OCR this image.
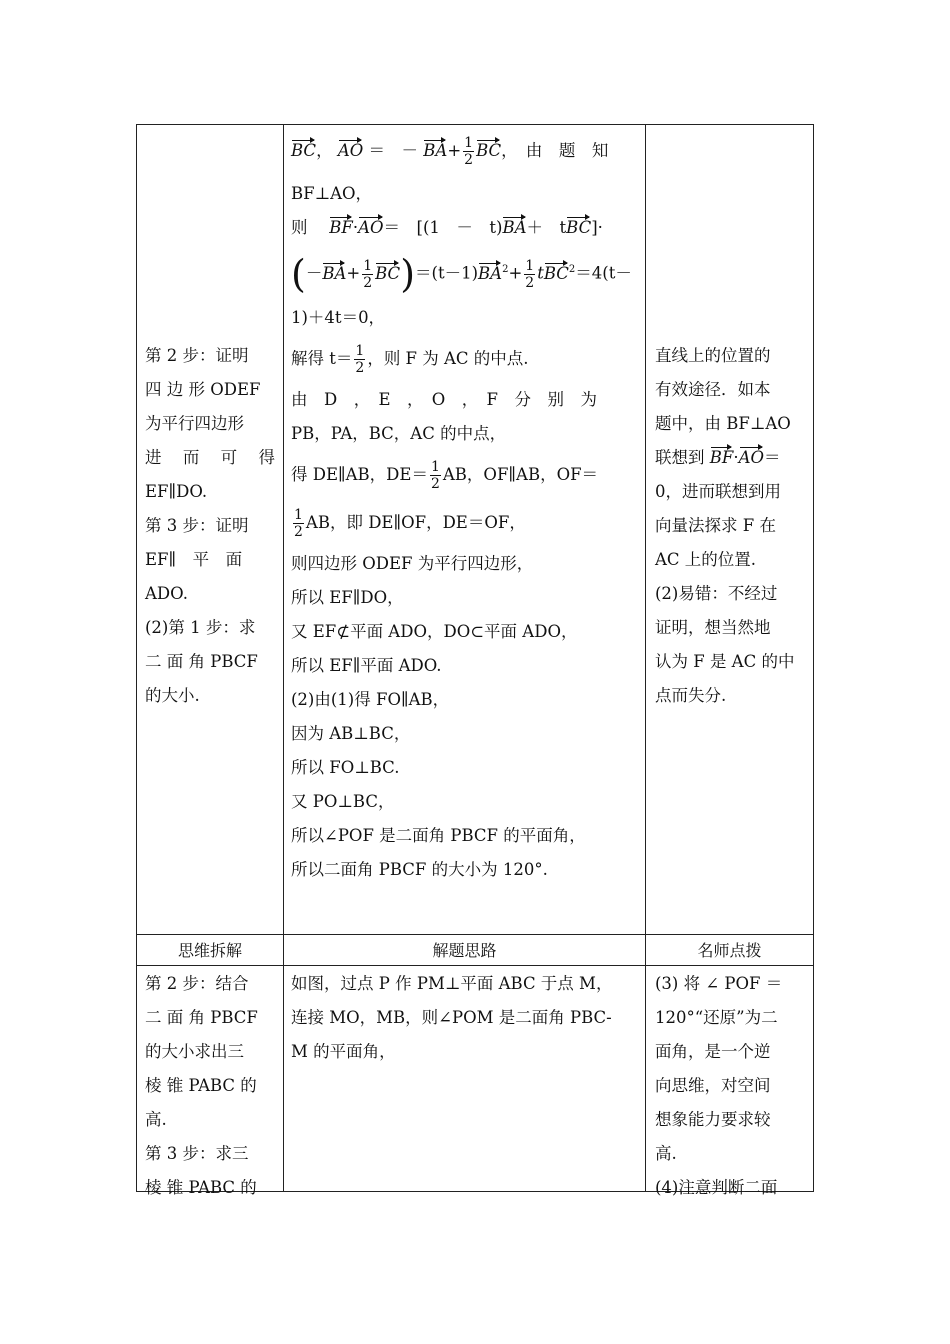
第 2 步：证明

四 边 形 ODEF

为平行四边形

进　而　可　得

EF∥DO.

第 3 步：证明

EF∥　平　面

ADO.

(2)第 1 步：求

二 面 角 PBCF

的大小.

BC， AO ＝　－ $BA+ \frac{1}{2}$ BC，　由　题　知

BF⊥AO，

则　 BF·AO＝　[(1　－　t)BA＋　tBC]·

$(-BA+ \frac{1}{2} BC)=(t-1)BA^2+ \frac{1}{2} tBC^2=4(t-$

1)＋4t＝0，

解得 $t= \frac{1}{2}$ ，则 F 为 AC 的中点.

由　D　，　E　，　O　，　F　分　别　为

PB，PA，BC，AC 的中点，

得 DE∥AB，$DE= \frac{1}{2}$ AB，OF∥AB，OF＝

$\frac{1}{2}$ AB，即 DE∥OF，DE＝OF，

则四边形 ODEF 为平行四边形，

所以 EF∥DO，

又 EF⊄平面 ADO，DO⊂平面 ADO，

所以 EF∥平面 ADO.

(2)由(1)得 FO∥AB，

因为 AB⊥BC，

所以 FO⊥BC.

又 PO⊥BC，

所以∠POF 是二面角 PBCF 的平面角，

所以二面角 PBCF 的大小为 120°.

直线上的位置的

有效途径．如本

题中，由 BF⊥AO

联想到 BF·AO＝

0，进而联想到用

向量法探求 F 在

AC 上的位置.

(2)易错：不经过

证明，想当然地

认为 F 是 AC 的中

点而失分.

思维拆解	解题思路	名师点拨

第 2 步：结合

二 面 角 PBCF

的大小求出三

棱 锥 PABC 的

高.

第 3 步：求三

棱 锥 PABC 的

如图，过点 P 作 PM⊥平面 ABC 于点 M，

连接 MO，MB，则∠POM 是二面角 PBC-

M 的平面角，

(3) 将 ∠ POF ＝

120°“还原”为二

面角，是一个逆

向思维，对空间

想象能力要求较

高.

(4)注意判断二面
